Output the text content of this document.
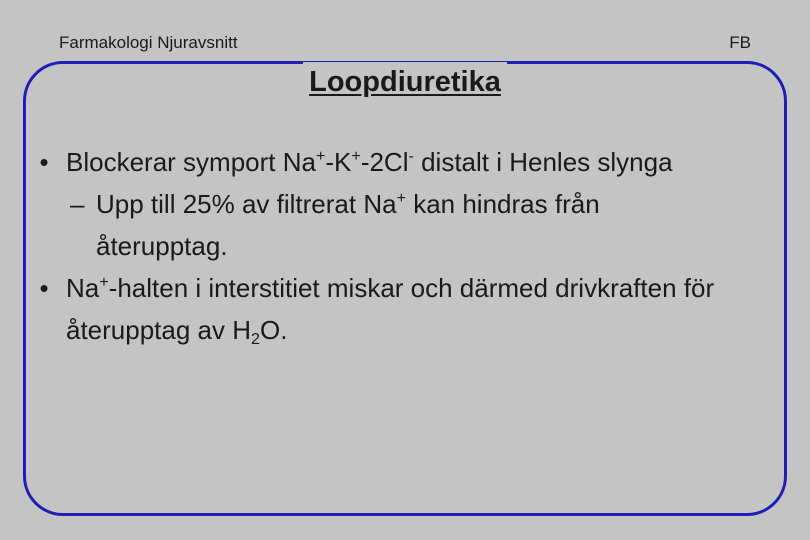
Farmakologi Njuravsnitt	FB
Loopdiuretika
• Blockerar symport Na+-K+-2Cl- distalt i Henles slynga
– Upp till 25% av filtrerat Na+ kan hindras från återupptag.
• Na+-halten i interstitiet miskar och därmed drivkraften för återupptag av $H_2O$.
